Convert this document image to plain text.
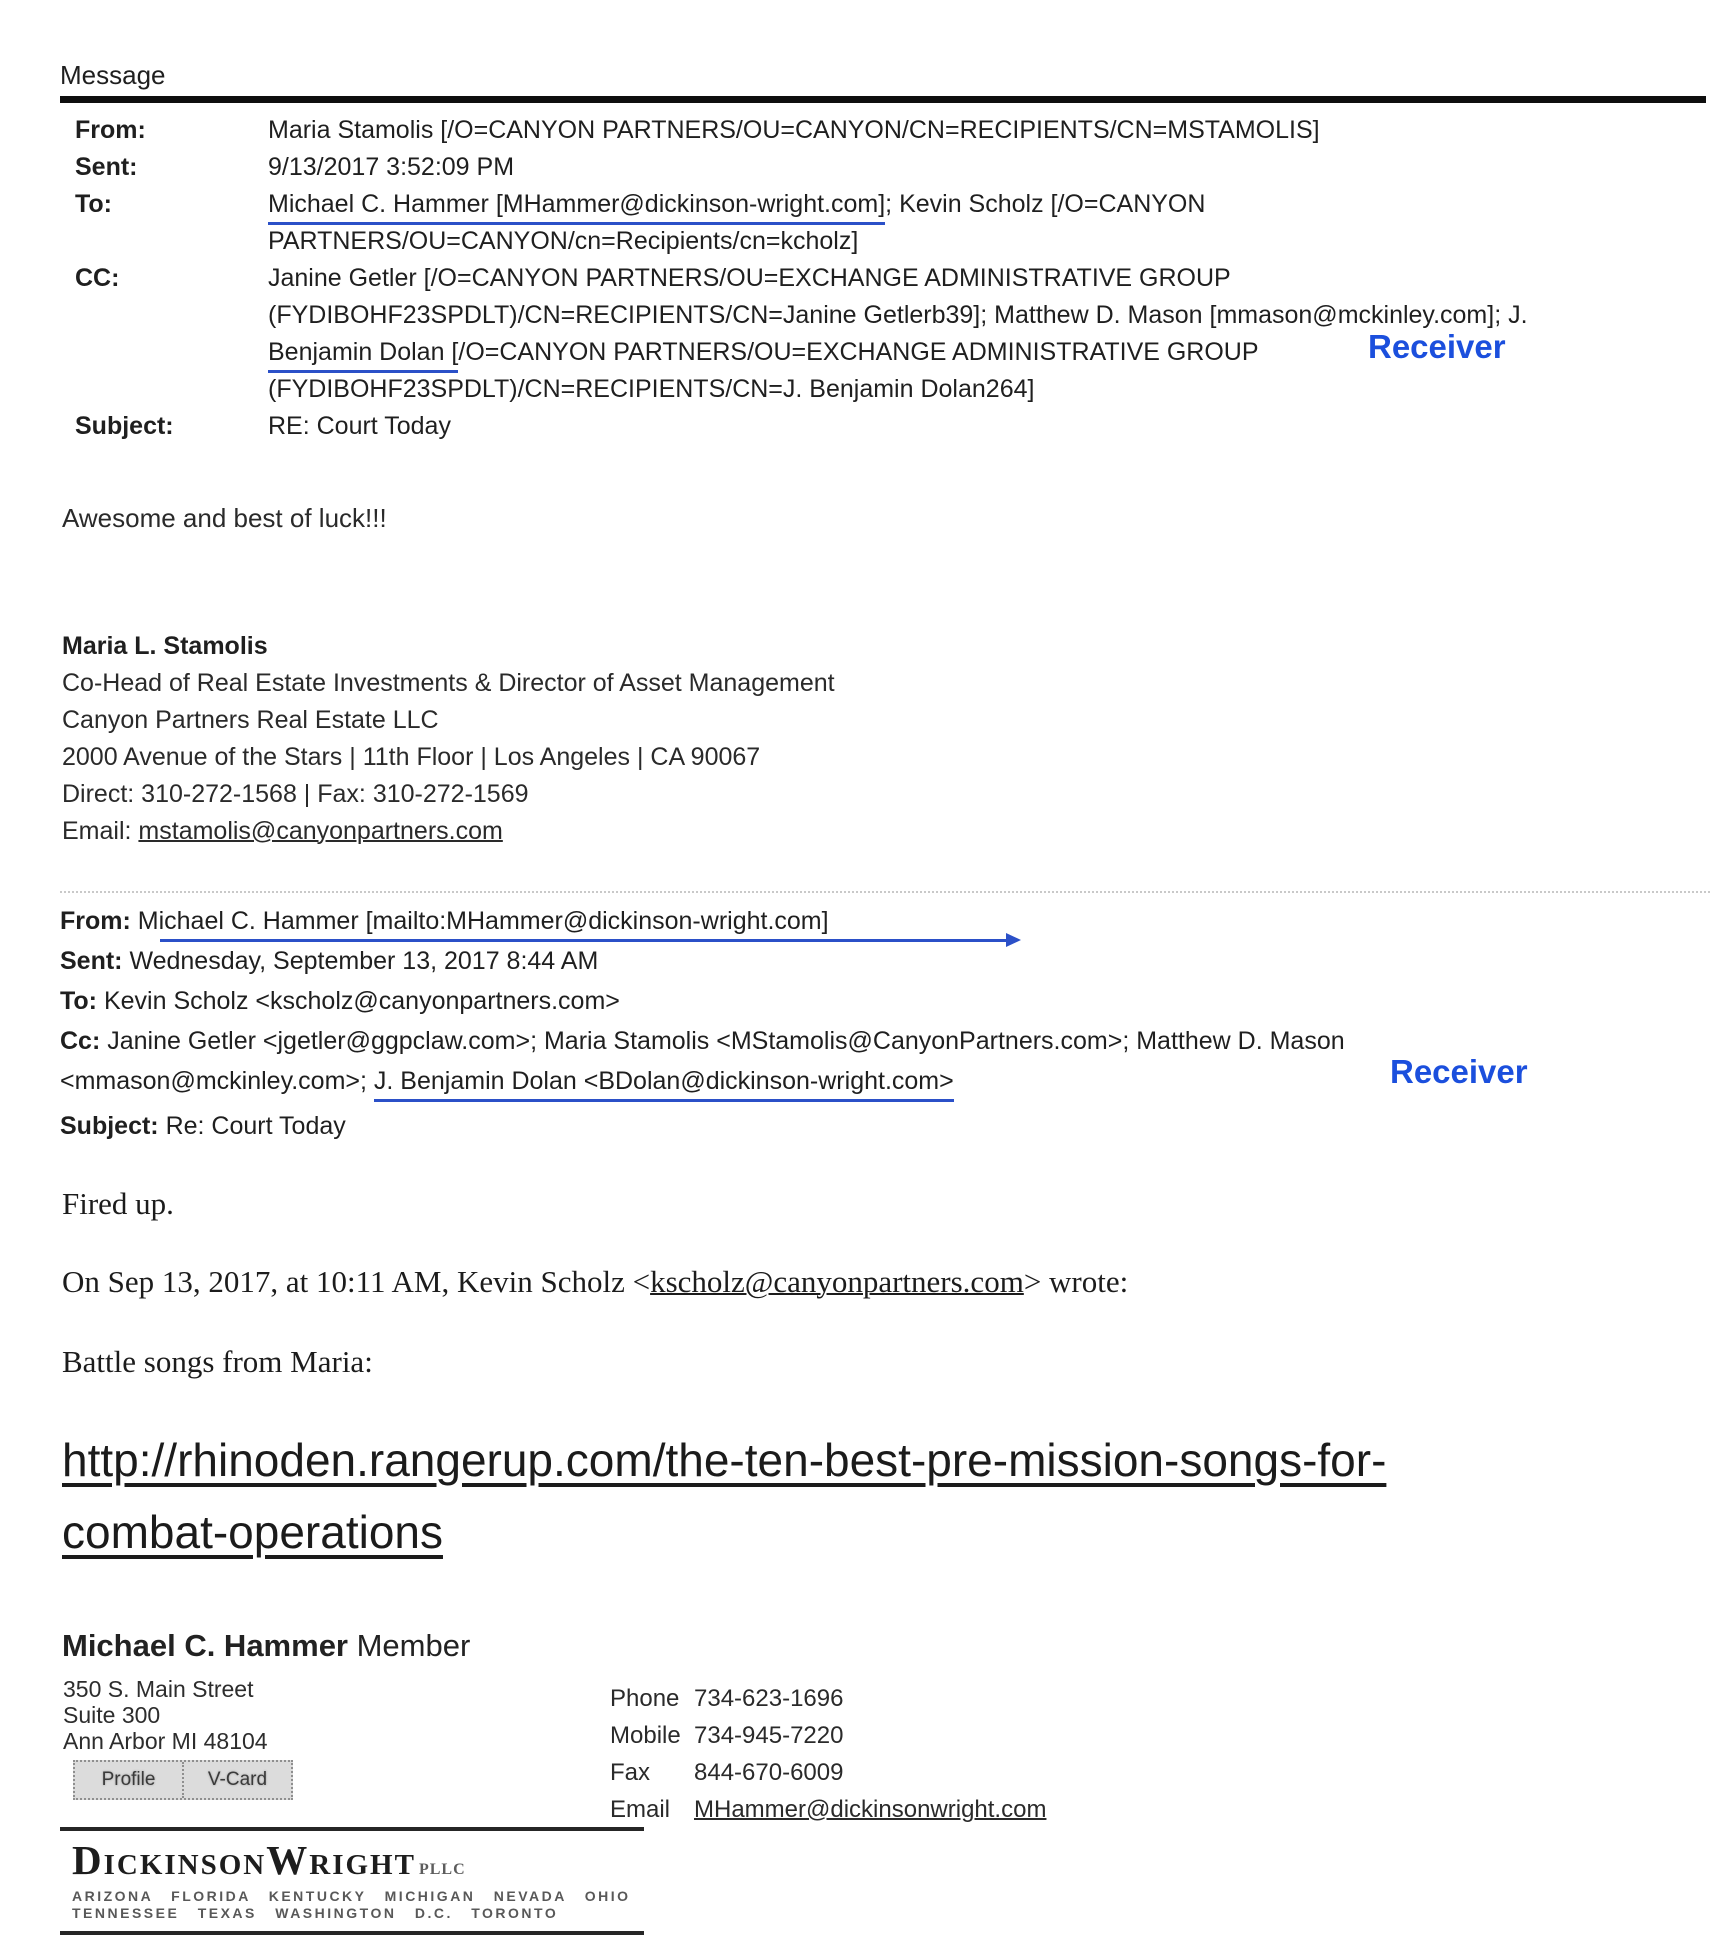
Message
From:	Maria Stamolis [/O=CANYON PARTNERS/OU=CANYON/CN=RECIPIENTS/CN=MSTAMOLIS]
Sent:	9/13/2017 3:52:09 PM
To:	Michael C. Hammer [MHammer@dickinson-wright.com]; Kevin Scholz [/O=CANYON
PARTNERS/OU=CANYON/cn=Recipients/cn=kcholz]
CC:	Janine Getler [/O=CANYON PARTNERS/OU=EXCHANGE ADMINISTRATIVE GROUP
(FYDIBOHF23SPDLT)/CN=RECIPIENTS/CN=Janine Getlerb39]; Matthew D. Mason [mmason@mckinley.com]; J.
Benjamin Dolan [/O=CANYON PARTNERS/OU=EXCHANGE ADMINISTRATIVE GROUP
(FYDIBOHF23SPDLT)/CN=RECIPIENTS/CN=J. Benjamin Dolan264]
Subject:	RE: Court Today
Receiver
Awesome and best of luck!!!
Maria L. Stamolis
Co-Head of Real Estate Investments & Director of Asset Management
Canyon Partners Real Estate LLC
2000 Avenue of the Stars | 11th Floor | Los Angeles | CA 90067
Direct: 310-272-1568 | Fax: 310-272-1569
Email: mstamolis@canyonpartners.com
From: Michael C. Hammer [mailto:MHammer@dickinson-wright.com]
Sent: Wednesday, September 13, 2017 8:44 AM
To: Kevin Scholz <kscholz@canyonpartners.com>
Cc: Janine Getler <jgetler@ggpclaw.com>; Maria Stamolis <MStamolis@CanyonPartners.com>; Matthew D. Mason
<mmason@mckinley.com>; J. Benjamin Dolan <BDolan@dickinson-wright.com>
Subject: Re: Court Today
Receiver
Fired up.
On Sep 13, 2017, at 10:11 AM, Kevin Scholz <kscholz@canyonpartners.com> wrote:
Battle songs from Maria:
http://rhinoden.rangerup.com/the-ten-best-pre-mission-songs-for-
combat-operations
Michael C. Hammer Member
350 S. Main Street
Suite 300
Ann Arbor MI 48104
Profile	V-Card
Phone 734-623-1696
Mobile 734-945-7220
Fax 844-670-6009
Email MHammer@dickinsonwright.com
DICKINSONWRIGHT PLLC
ARIZONA FLORIDA KENTUCKY MICHIGAN NEVADA OHIO
TENNESSEE TEXAS WASHINGTON D.C. TORONTO
